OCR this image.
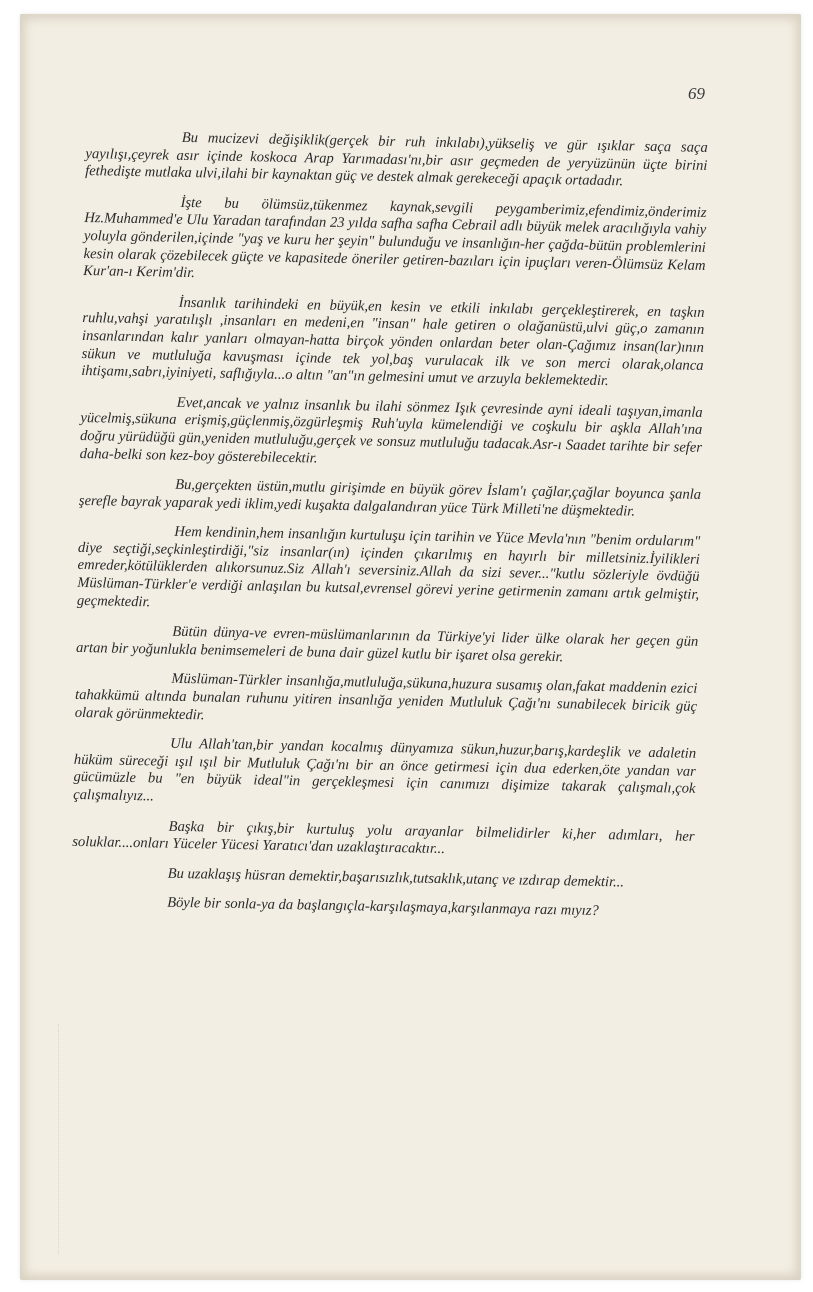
69

Bu mucizevi değişiklik(gerçek bir ruh inkılabı),yükseliş ve gür ışıklar saça saça yayılışı,çeyrek asır içinde koskoca Arap Yarımadası'nı,bir asır geçmeden de yeryüzünün üçte birini fethedişte mutlaka ulvi,ilahi bir kaynaktan güç ve destek almak gerekeceği apaçık ortadadır.

İşte bu ölümsüz,tükenmez kaynak,sevgili peygamberimiz,efendimiz,önderimiz Hz.Muhammed'e Ulu Yaradan tarafından 23 yılda safha safha Cebrail adlı büyük melek aracılığıyla vahiy yoluyla gönderilen,içinde "yaş ve kuru her şeyin" bulunduğu ve insanlığın-her çağda-bütün problemlerini kesin olarak çözebilecek güçte ve kapasitede öneriler getiren-bazıları için ipuçları veren-Ölümsüz Kelam Kur'an-ı Kerim'dir.

İnsanlık tarihindeki en büyük,en kesin ve etkili inkılabı gerçekleştirerek, en taşkın ruhlu,vahşi yaratılışlı ,insanları en medeni,en "insan" hale getiren o olağanüstü,ulvi güç,o zamanın insanlarından kalır yanları olmayan-hatta birçok yönden onlardan beter olan-Çağımız insan(lar)ının sükun ve mutluluğa kavuşması içinde tek yol,baş vurulacak ilk ve son merci olarak,olanca ihtişamı,sabrı,iyiniyeti, saflığıyla...o altın "an"ın gelmesini umut ve arzuyla beklemektedir.

Evet,ancak ve yalnız insanlık bu ilahi sönmez Işık çevresinde ayni ideali taşıyan,imanla yücelmiş,sükuna erişmiş,güçlenmiş,özgürleşmiş Ruh'uyla kümelendiği ve coşkulu bir aşkla Allah'ına doğru yürüdüğü gün,yeniden mutluluğu,gerçek ve sonsuz mutluluğu tadacak.Asr-ı Saadet tarihte bir sefer daha-belki son kez-boy gösterebilecektir.

Bu,gerçekten üstün,mutlu girişimde en büyük görev İslam'ı çağlar,çağlar boyunca şanla şerefle bayrak yaparak yedi iklim,yedi kuşakta dalgalandıran yüce Türk Milleti'ne düşmektedir.

Hem kendinin,hem insanlığın kurtuluşu için tarihin ve Yüce Mevla'nın "benim ordularım" diye seçtiği,seçkinleştirdiği,"siz insanlar(ın) içinden çıkarılmış en hayırlı bir milletsiniz.İyilikleri emreder,kötülüklerden alıkorsunuz.Siz Allah'ı seversiniz.Allah da sizi sever..."kutlu sözleriyle övdüğü Müslüman-Türkler'e verdiği anlaşılan bu kutsal,evrensel görevi yerine getirmenin zamanı artık gelmiştir, geçmektedir.

Bütün dünya-ve evren-müslümanlarının da Türkiye'yi lider ülke olarak her geçen gün artan bir yoğunlukla benimsemeleri de buna dair güzel kutlu bir işaret olsa gerekir.

Müslüman-Türkler insanlığa,mutluluğa,sükuna,huzura susamış olan,fakat maddenin ezici tahakkümü altında bunalan ruhunu yitiren insanlığa yeniden Mutluluk Çağı'nı sunabilecek biricik güç olarak görünmektedir.

Ulu Allah'tan,bir yandan kocalmış dünyamıza sükun,huzur,barış,kardeşlik ve adaletin hüküm süreceği ışıl ışıl bir Mutluluk Çağı'nı bir an önce getirmesi için dua ederken,öte yandan var gücümüzle bu "en büyük ideal"in gerçekleşmesi için canımızı dişimize takarak çalışmalı,çok çalışmalıyız...

Başka bir çıkış,bir kurtuluş yolu arayanlar bilmelidirler ki,her adımları, her soluklar....onları Yüceler Yücesi Yaratıcı'dan uzaklaştıracaktır...

Bu uzaklaşış hüsran demektir,başarısızlık,tutsaklık,utanç ve ızdırap demektir...

Böyle bir sonla-ya da başlangıçla-karşılaşmaya,karşılanmaya razı mıyız?
